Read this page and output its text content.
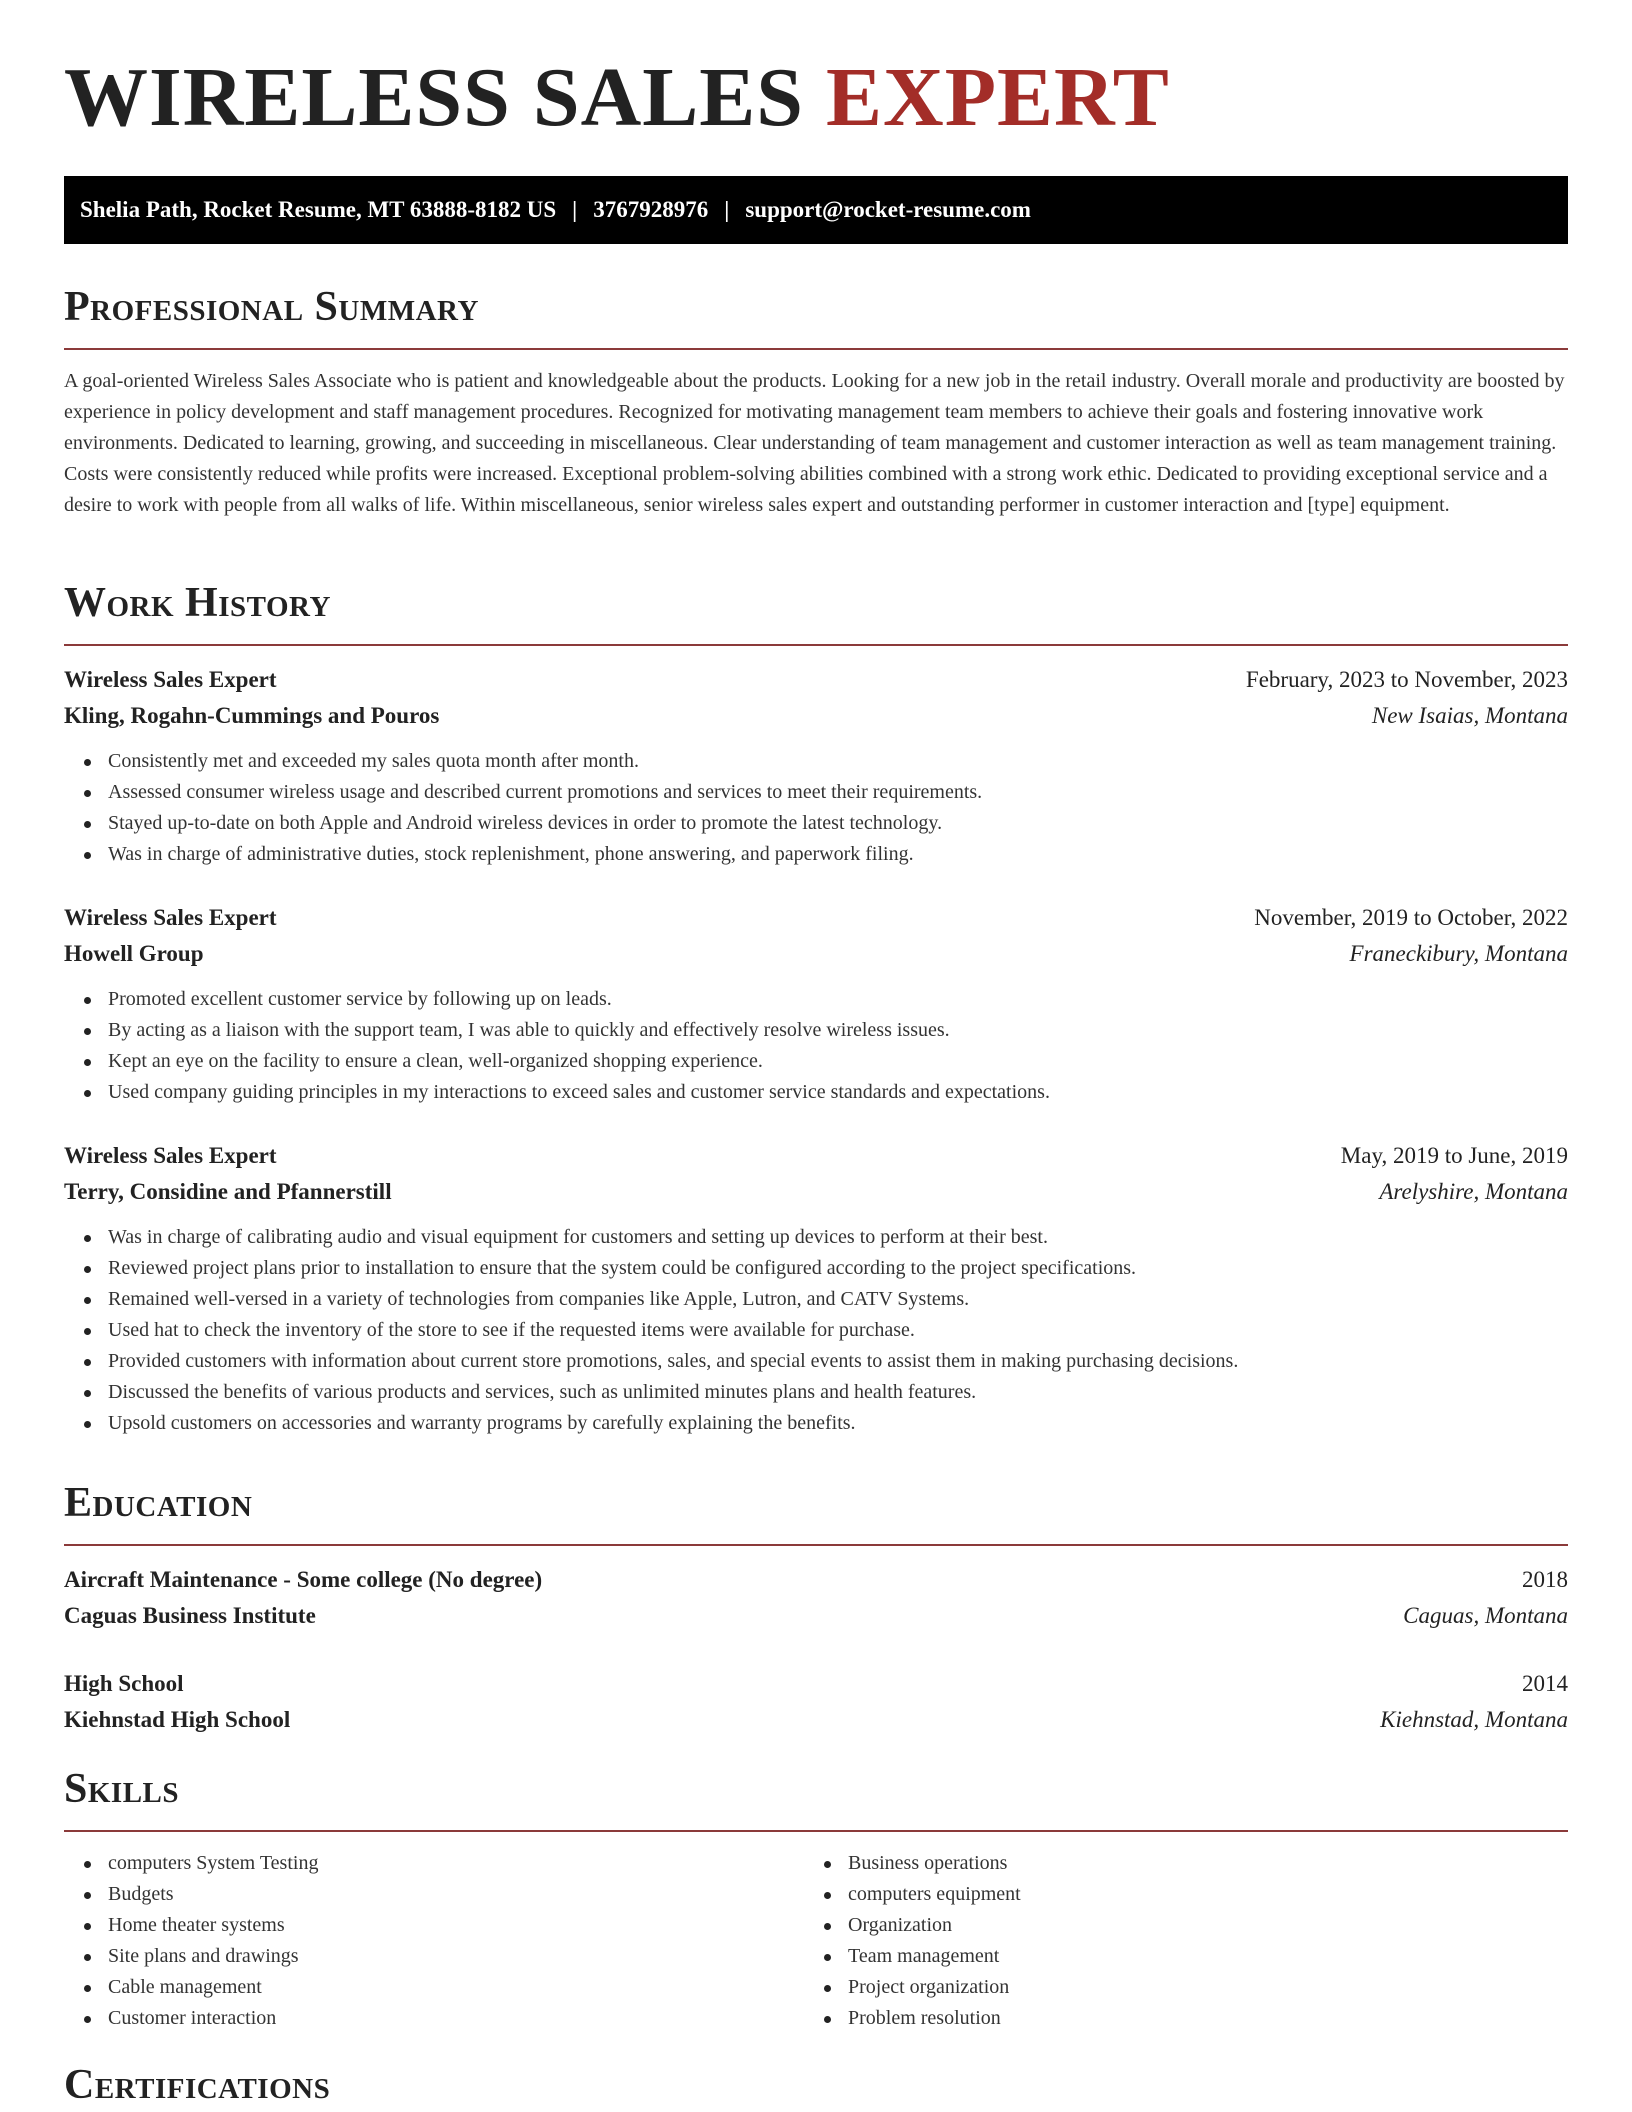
WIRELESS SALES EXPERT
Shelia Path, Rocket Resume, MT 63888-8182 US | 3767928976 | support@rocket-resume.com
Professional Summary

A goal-oriented Wireless Sales Associate who is patient and knowledgeable about the products. Looking for a new job in the retail industry. Overall morale and productivity are boosted by experience in policy development and staff management procedures. Recognized for motivating management team members to achieve their goals and fostering innovative work environments. Dedicated to learning, growing, and succeeding in miscellaneous. Clear understanding of team management and customer interaction as well as team management training. Costs were consistently reduced while profits were increased. Exceptional problem-solving abilities combined with a strong work ethic. Dedicated to providing exceptional service and a desire to work with people from all walks of life. Within miscellaneous, senior wireless sales expert and outstanding performer in customer interaction and [type] equipment.

Work History
Wireless Sales Expert	February, 2023 to November, 2023
Kling, Rogahn-Cummings and Pouros	New Isaias, Montana
Consistently met and exceeded my sales quota month after month.
Assessed consumer wireless usage and described current promotions and services to meet their requirements.
Stayed up-to-date on both Apple and Android wireless devices in order to promote the latest technology.
Was in charge of administrative duties, stock replenishment, phone answering, and paperwork filing.
Wireless Sales Expert	November, 2019 to October, 2022
Howell Group	Franeckibury, Montana
Promoted excellent customer service by following up on leads.
By acting as a liaison with the support team, I was able to quickly and effectively resolve wireless issues.
Kept an eye on the facility to ensure a clean, well-organized shopping experience.
Used company guiding principles in my interactions to exceed sales and customer service standards and expectations.
Wireless Sales Expert	May, 2019 to June, 2019
Terry, Considine and Pfannerstill	Arelyshire, Montana
Was in charge of calibrating audio and visual equipment for customers and setting up devices to perform at their best.
Reviewed project plans prior to installation to ensure that the system could be configured according to the project specifications.
Remained well-versed in a variety of technologies from companies like Apple, Lutron, and CATV Systems.
Used hat to check the inventory of the store to see if the requested items were available for purchase.
Provided customers with information about current store promotions, sales, and special events to assist them in making purchasing decisions.
Discussed the benefits of various products and services, such as unlimited minutes plans and health features.
Upsold customers on accessories and warranty programs by carefully explaining the benefits.
Education
Aircraft Maintenance - Some college (No degree)	2018
Caguas Business Institute	Caguas, Montana
High School	2014
Kiehnstad High School	Kiehnstad, Montana
Skills
computers System Testing
Budgets
Home theater systems
Site plans and drawings
Cable management
Customer interaction
Business operations
computers equipment
Organization
Team management
Project organization
Problem resolution
Certifications
